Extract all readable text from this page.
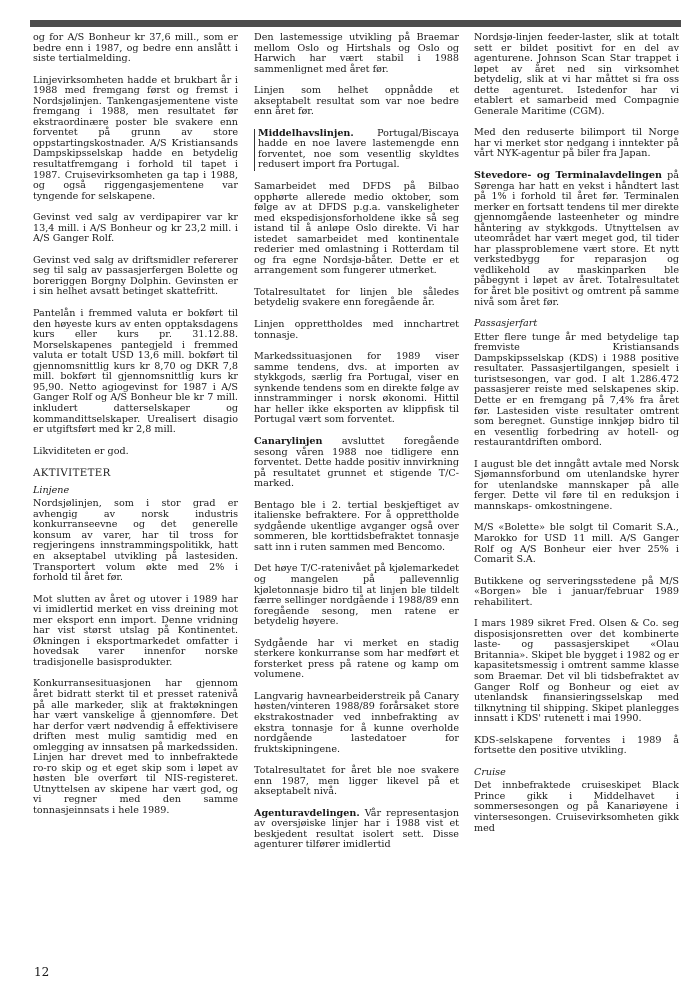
og for A/S Bonheur kr 37,6 mill., som er bedre enn i 1987, og bedre enn anslått i siste tertialmelding.

Linjevirksomheten hadde et brukbart år i 1988 med fremgang først og fremst i Nordsjølinjen. Tankengasjementene viste fremgang i 1988, men resultatet før ekstraordinære poster ble svakere enn forventet på grunn av store oppstartingskostnader. A/S Kristiansands Dampskipsselskap hadde en betydelig resultatfremgang i forhold til tapet i 1987. Cruisevirksomheten ga tap i 1988, og også riggengasjementene var tyngende for selskapene.

Gevinst ved salg av verdipapirer var kr 13,4 mill. i A/S Bonheur og kr 23,2 mill. i A/S Ganger Rolf.

Gevinst ved salg av driftsmidler refererer seg til salg av passasjerfergen Bolette og boreriggen Borgny Dolphin. Gevinsten er i sin helhet avsatt betinget skattefritt.

Pantelån i fremmed valuta er bokført til den høyeste kurs av enten opptaksdagens kurs eller kurs pr. 31.12.88. Morselskapenes pantegjeld i fremmed valuta er totalt USD 13,6 mill. bokført til gjennomsnittlig kurs kr 8,70 og DKR 7,8 mill. bokført til gjennomsnittlig kurs kr 95,90. Netto agiogevinst for 1987 i A/S Ganger Rolf og A/S Bonheur ble kr 7 mill. inkludert datterselskaper og kommandittselskaper. Urealisert disagio er utgiftsført med kr 2,8 mill.

Likviditeten er god.

AKTIVITETER
Linjene

Nordsjølinjen, som i stor grad er avhengig av norsk industris konkurranseevne og det generelle konsum av varer, har til tross for regjeringens innstrammingspolitikk, hatt en akseptabel utvikling på lastesiden. Transportert volum økte med 2% i forhold til året før.

Mot slutten av året og utover i 1989 har vi imidlertid merket en viss dreining mot mer eksport enn import. Denne vridning har vist størst utslag på Kontinentet. Økningen i eksportmarkedet omfatter i hovedsak varer innenfor norske tradisjonelle basisprodukter.

Konkurransesituasjonen har gjennom året bidratt sterkt til et presset ratenivå på alle markeder, slik at fraktøkningen har vært vanskelige å gjennomføre. Det har derfor vært nødvendig å effektivisere driften mest mulig samtidig med en omlegging av innsatsen på markedssiden. Linjen har drevet med to innbefraktede ro-ro skip og et eget skip som i løpet av høsten ble overført til NIS-registeret. Utnyttelsen av skipene har vært god, og vi regner med den samme tonnasjeinnsats i hele 1989.

Den lastemessige utvikling på Braemar mellom Oslo og Hirtshals og Oslo og Harwich har vært stabil i 1988 sammenlignet med året før.

Linjen som helhet oppnådde et akseptabelt resultat som var noe bedre enn året før.

Middelhavslinjen. Portugal/Biscaya hadde en noe lavere lastemengde enn forventet, noe som vesentlig skyldtes redusert import fra Portugal.

Samarbeidet med DFDS på Bilbao opphørte allerede medio oktober, som følge av at DFDS p.g.a. vanskeligheter med ekspedisjonsforholdene ikke så seg istand til å anløpe Oslo direkte. Vi har istedet samarbeidet med kontinentale rederier med omlastning i Rotterdam til og fra egne Nordsjø-båter. Dette er et arrangement som fungerer utmerket.

Totalresultatet for linjen ble således betydelig svakere enn foregående år.

Linjen opprettholdes med innchartret tonnasje.

Markedssituasjonen for 1989 viser samme tendens, dvs. at importen av stykkgods, særlig fra Portugal, viser en synkende tendens som en direkte følge av innstramminger i norsk økonomi. Hittil har heller ikke eksporten av klippfisk til Portugal vært som forventet.

Canarylinjen avsluttet foregående sesong våren 1988 noe tidligere enn forventet. Dette hadde positiv innvirkning på resultatet grunnet et stigende T/C-marked.

Bentago ble i 2. tertial beskjeftiget av italienske befraktere. For å opprettholde sydgående ukentlige avganger også over sommeren, ble korttidsbefraktet tonnasje satt inn i ruten sammen med Bencomo.

Det høye T/C-ratenivået på kjølemarkedet og mangelen på pallevennlig kjøletonnasje bidro til at linjen ble tildelt færre sellinger nordgående i 1988/89 enn foregående sesong, men ratene er betydelig høyere.

Sydgående har vi merket en stadig sterkere konkurranse som har medført et forsterket press på ratene og kamp om volumene.

Langvarig havnearbeiderstreik på Canary høsten/vinteren 1988/89 forårsaket store ekstrakostnader ved innbefrakting av ekstra tonnasje for å kunne overholde nordgående lastedatoer for fruktskipningene.

Totalresultatet for året ble noe svakere enn 1987, men ligger likevel på et akseptabelt nivå.

Agenturavdelingen. Vår representasjon av oversjøiske linjer har i 1988 vist et beskjedent resultat isolert sett. Disse agenturer tilfører imidlertid

Nordsjø-linjen feeder-laster, slik at totalt sett er bildet positivt for en del av agenturene. Johnson Scan Star trappet i løpet av året ned sin virksomhet betydelig, slik at vi har måttet si fra oss dette agenturet. Istedenfor har vi etablert et samarbeid med Compagnie Generale Maritime (CGM).

Med den reduserte bilimport til Norge har vi merket stor nedgang i inntekter på vårt NYK-agentur på biler fra Japan.

Stevedore- og Terminalavdelingen på Sørenga har hatt en vekst i håndtert last på 1% i forhold til året før. Terminalen merker en fortsatt tendens til mer direkte gjennomgående lasteenheter og mindre håntering av stykkgods. Utnyttelsen av uteområdet har vært meget god, til tider har plassproblemene vært store. Et nytt verkstedbygg for reparasjon og vedlikehold av maskinparken ble påbegynt i løpet av året. Totalresultatet for året ble positivt og omtrent på samme nivå som året før.

Passasjerfart

Etter flere tunge år med betydelige tap fremviste Kristiansands Dampskipsselskap (KDS) i 1988 positive resultater. Passasjertilgangen, spesielt i turistsesongen, var god. I alt 1.286.472 passasjerer reiste med selskapenes skip. Dette er en fremgang på 7,4% fra året før. Lastesiden viste resultater omtrent som beregnet. Gunstige innkjøp bidro til en vesentlig forbedring av hotell- og restaurantdriften ombord.

I august ble det inngått avtale med Norsk Sjømannsforbund om utenlandske hyrer for utenlandske mannskaper på alle ferger. Dette vil føre til en reduksjon i mannskaps- omkostningene.

M/S «Bolette» ble solgt til Comarit S.A., Marokko for USD 11 mill. A/S Ganger Rolf og A/S Bonheur eier hver 25% i Comarit S.A.

Butikkene og serveringsstedene på M/S «Borgen» ble i januar/februar 1989 rehabilitert.

I mars 1989 sikret Fred. Olsen & Co. seg disposisjonsretten over det kombinerte laste- og passasjerskipet «Olau Britannia». Skipet ble bygget i 1982 og er kapasitetsmessig i omtrent samme klasse som Braemar. Det vil bli tidsbefraktet av Ganger Rolf og Bonheur og eiet av utenlandsk finansieringsselskap med tilknytning til shipping. Skipet planlegges innsatt i KDS' rutenett i mai 1990.

KDS-selskapene forventes i 1989 å fortsette den positive utvikling.

Cruise

Det innbefraktede cruiseskipet Black Prince gikk i Middelhavet i sommersesongen og på Kanariøyene i vintersesongen. Cruisevirksomheten gikk med

12
